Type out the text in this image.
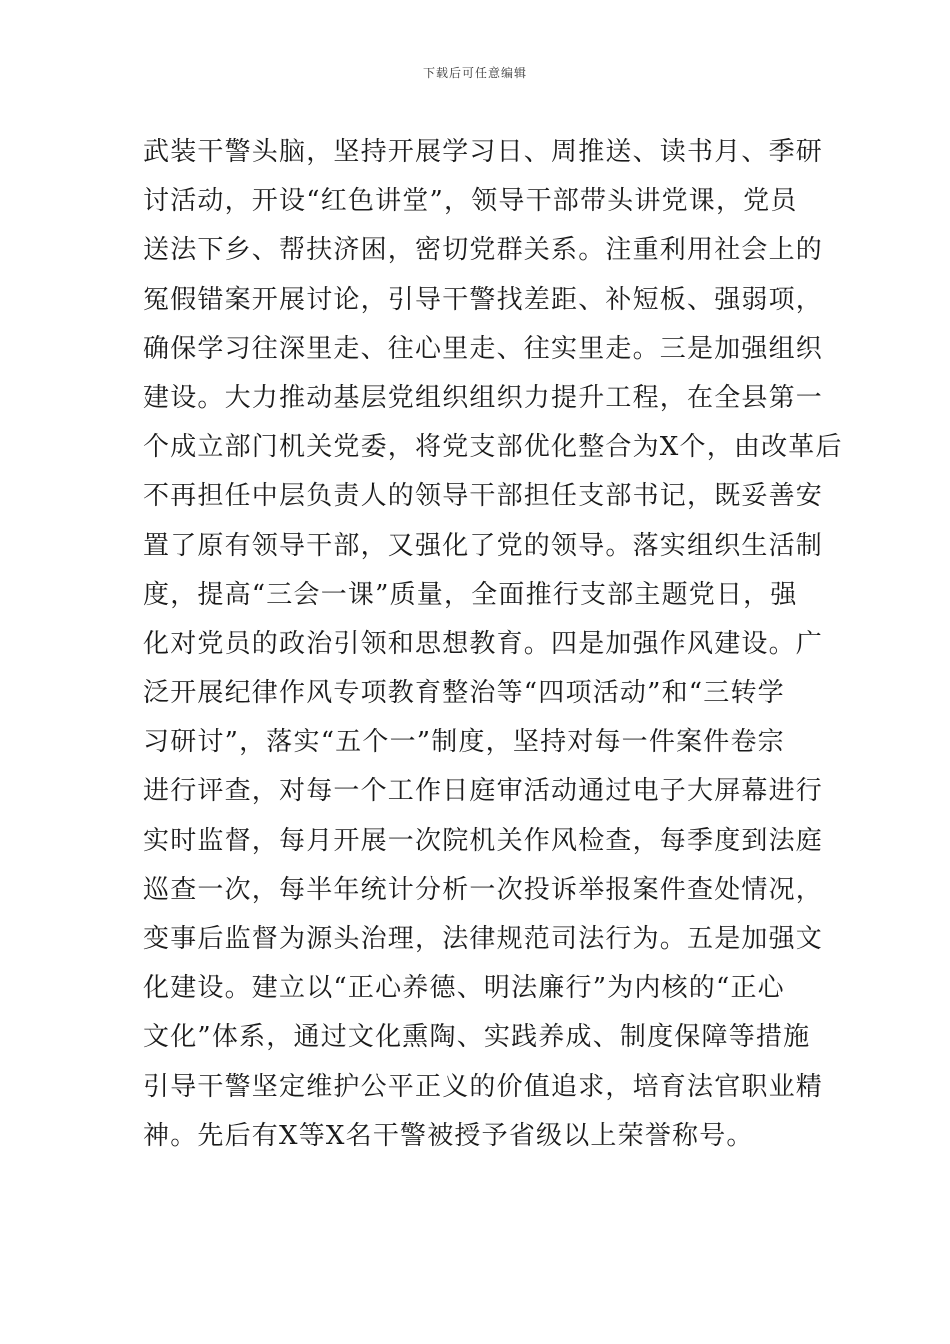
下载后可任意编辑
武装干警头脑，坚持开展学习日、周推送、读书月、季研
讨活动，开设“红色讲堂”，领导干部带头讲党课，党员
送法下乡、帮扶济困，密切党群关系。注重利用社会上的
冤假错案开展讨论，引导干警找差距、补短板、强弱项，
确保学习往深里走、往心里走、往实里走。三是加强组织
建设。大力推动基层党组织组织力提升工程，在全县第一
个成立部门机关党委，将党支部优化整合为X个，由改革后
不再担任中层负责人的领导干部担任支部书记，既妥善安
置了原有领导干部，又强化了党的领导。落实组织生活制
度，提高“三会一课”质量，全面推行支部主题党日，强
化对党员的政治引领和思想教育。四是加强作风建设。广
泛开展纪律作风专项教育整治等“四项活动”和“三转学
习研讨”，落实“五个一”制度，坚持对每一件案件卷宗
进行评查，对每一个工作日庭审活动通过电子大屏幕进行
实时监督，每月开展一次院机关作风检查，每季度到法庭
巡查一次，每半年统计分析一次投诉举报案件查处情况，
变事后监督为源头治理，法律规范司法行为。五是加强文
化建设。建立以“正心养德、明法廉行”为内核的“正心
文化”体系，通过文化熏陶、实践养成、制度保障等措施
引导干警坚定维护公平正义的价值追求，培育法官职业精
神。先后有X等X名干警被授予省级以上荣誉称号。
